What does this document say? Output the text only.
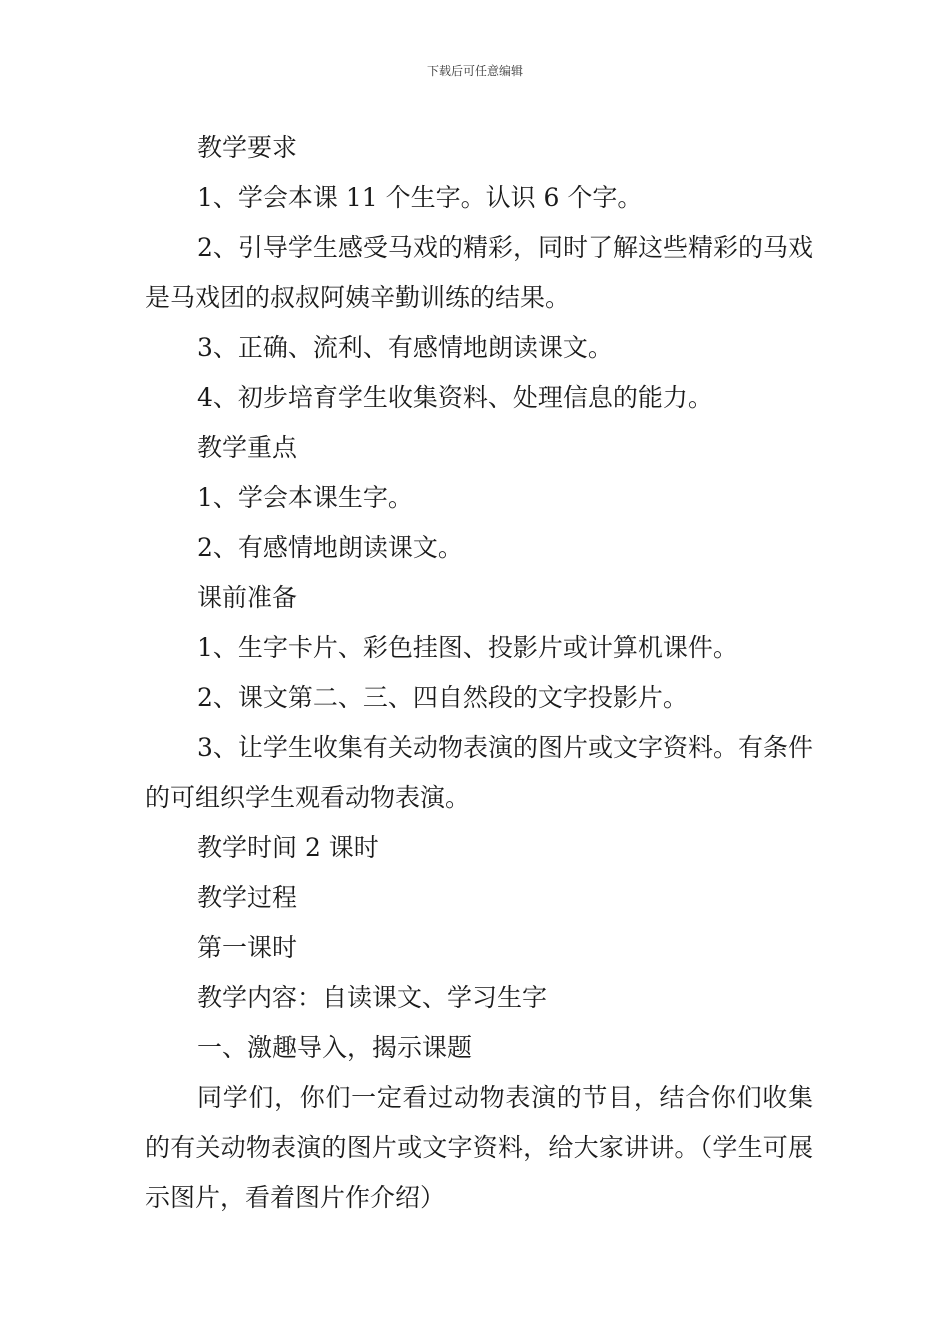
下载后可任意编辑

教学要求

1、学会本课 11 个生字。认识 6 个字。

2、引导学生感受马戏的精彩，同时了解这些精彩的马戏是马戏团的叔叔阿姨辛勤训练的结果。

3、正确、流利、有感情地朗读课文。

4、初步培育学生收集资料、处理信息的能力。

教学重点

1、学会本课生字。

2、有感情地朗读课文。

课前准备

1、生字卡片、彩色挂图、投影片或计算机课件。

2、课文第二、三、四自然段的文字投影片。

3、让学生收集有关动物表演的图片或文字资料。有条件的可组织学生观看动物表演。

教学时间 2 课时

教学过程

第一课时

教学内容：自读课文、学习生字

一、激趣导入，揭示课题

同学们，你们一定看过动物表演的节目，结合你们收集的有关动物表演的图片或文字资料，给大家讲讲。（学生可展示图片，看着图片作介绍）
